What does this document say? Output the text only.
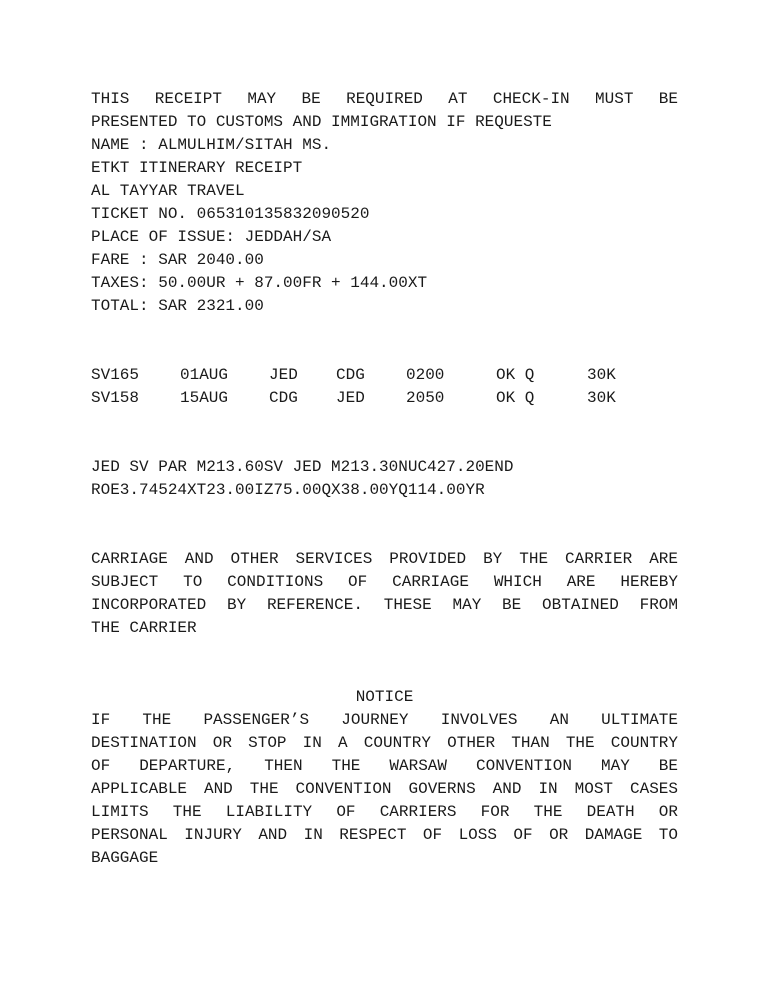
THIS RECEIPT MAY BE REQUIRED AT CHECK-IN MUST BE
PRESENTED TO CUSTOMS AND IMMIGRATION IF REQUESTE
NAME : ALMULHIM/SITAH MS.
ETKT ITINERARY RECEIPT
AL TAYYAR TRAVEL
TICKET NO. 065310135832090520
PLACE OF ISSUE: JEDDAH/SA
FARE : SAR 2040.00
TAXES: 50.00UR + 87.00FR + 144.00XT
TOTAL: SAR 2321.00
SV165	01AUG	JED	CDG	0200	OK Q	30K
SV158	15AUG	CDG	JED	2050	OK Q	30K
JED SV PAR M213.60SV JED M213.30NUC427.20END
ROE3.74524XT23.00IZ75.00QX38.00YQ114.00YR
CARRIAGE AND OTHER SERVICES PROVIDED BY THE CARRIER ARE
SUBJECT TO CONDITIONS OF CARRIAGE WHICH ARE HEREBY
INCORPORATED BY REFERENCE. THESE MAY BE OBTAINED FROM
THE CARRIER
NOTICE
IF THE PASSENGER’S JOURNEY INVOLVES AN ULTIMATE
DESTINATION OR STOP IN A COUNTRY OTHER THAN THE COUNTRY
OF DEPARTURE, THEN THE WARSAW CONVENTION MAY BE
APPLICABLE AND THE CONVENTION GOVERNS AND IN MOST CASES
LIMITS THE LIABILITY OF CARRIERS FOR THE DEATH OR
PERSONAL INJURY AND IN RESPECT OF LOSS OF OR DAMAGE TO
BAGGAGE
